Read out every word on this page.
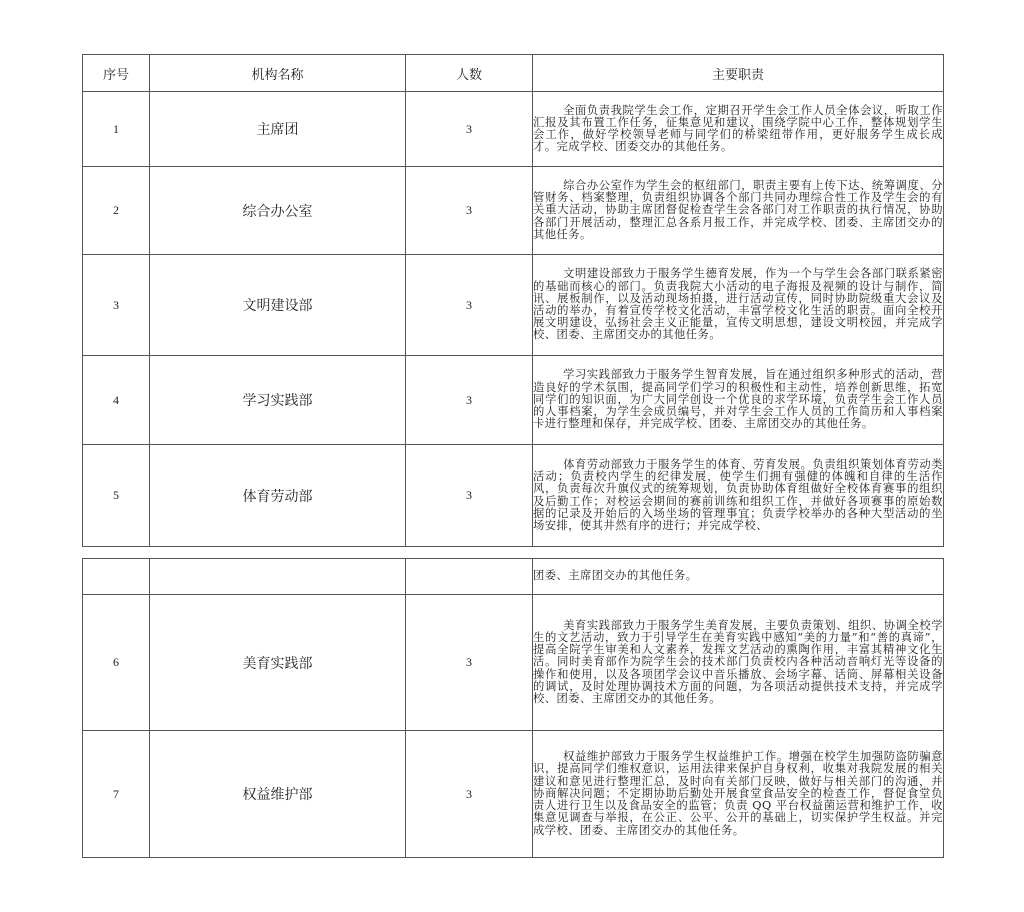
序号	机构名称	人数	主要职责
1	主席团	3	全面负责我院学生会工作，定期召开学生会工作人员全体会议，听取工作汇报及其布置工作任务，征集意见和建议，围绕学院中心工作，整体规划学生会工作，做好学校领导老师与同学们的桥梁纽带作用，更好服务学生成长成才。完成学校、团委交办的其他任务。
2	综合办公室	3	综合办公室作为学生会的枢纽部门，职责主要有上传下达、统筹调度、分管财务、档案整理，负责组织协调各个部门共同办理综合性工作及学生会的有关重大活动，协助主席团督促检查学生会各部门对工作职责的执行情况，协助各部门开展活动，整理汇总各系月报工作，并完成学校、团委、主席团交办的其他任务。
3	文明建设部	3	文明建设部致力于服务学生德育发展，作为一个与学生会各部门联系紧密的基础而核心的部门。负责我院大小活动的电子海报及视频的设计与制作，简讯、展板制作，以及活动现场拍摄，进行活动宣传，同时协助院级重大会议及活动的举办，有着宣传学校文化活动，丰富学校文化生活的职责。面向全校开展文明建设，弘扬社会主义正能量，宣传文明思想，建设文明校园，并完成学校、团委、主席团交办的其他任务。
4	学习实践部	3	学习实践部致力于服务学生智育发展，旨在通过组织多种形式的活动，营造良好的学术氛围，提高同学们学习的积极性和主动性，培养创新思维，拓宽同学们的知识面，为广大同学创设一个优良的求学环境，负责学生会工作人员的人事档案，为学生会成员编号，并对学生会工作人员的工作简历和人事档案卡进行整理和保存，并完成学校、团委、主席团交办的其他任务。
5	体育劳动部	3	体育劳动部致力于服务学生的体育、劳育发展。负责组织策划体育劳动类活动；负责校内学生的纪律发展，使学生们拥有强健的体魄和自律的生活作风，负责每次升旗仪式的统筹规划，负责协助体育组做好全校体育赛事的组织及后勤工作；对校运会期间的赛前训练和组织工作，并做好各项赛事的原始数据的记录及开始后的入场坐场的管理事宜；负责学校举办的各种大型活动的坐场安排，使其井然有序的进行；并完成学校、
			团委、主席团交办的其他任务。
6	美育实践部	3	美育实践部致力于服务学生美育发展，主要负责策划、组织、协调全校学生的文艺活动，致力于引导学生在美育实践中感知“美的力量”和“善的真谛”，提高全院学生审美和人文素养，发挥文艺活动的熏陶作用，丰富其精神文化生活。同时美育部作为院学生会的技术部门负责校内各种活动音响灯光等设备的操作和使用，以及各项团学会议中音乐播放、会场字幕、话筒、屏幕相关设备的调试，及时处理协调技术方面的问题，为各项活动提供技术支持，并完成学校、团委、主席团交办的其他任务。
7	权益维护部	3	权益维护部致力于服务学生权益维护工作。增强在校学生加强防盗防骗意识，提高同学们维权意识，运用法律来保护自身权利，收集对我院发展的相关建议和意见进行整理汇总，及时向有关部门反映，做好与相关部门的沟通，并协商解决问题；不定期协助后勤处开展食堂食品安全的检查工作，督促食堂负责人进行卫生以及食品安全的监管；负责 QQ 平台权益菌运营和维护工作，收集意见调查与举报，在公正、公平、公开的基础上，切实保护学生权益。并完成学校、团委、主席团交办的其他任务。
